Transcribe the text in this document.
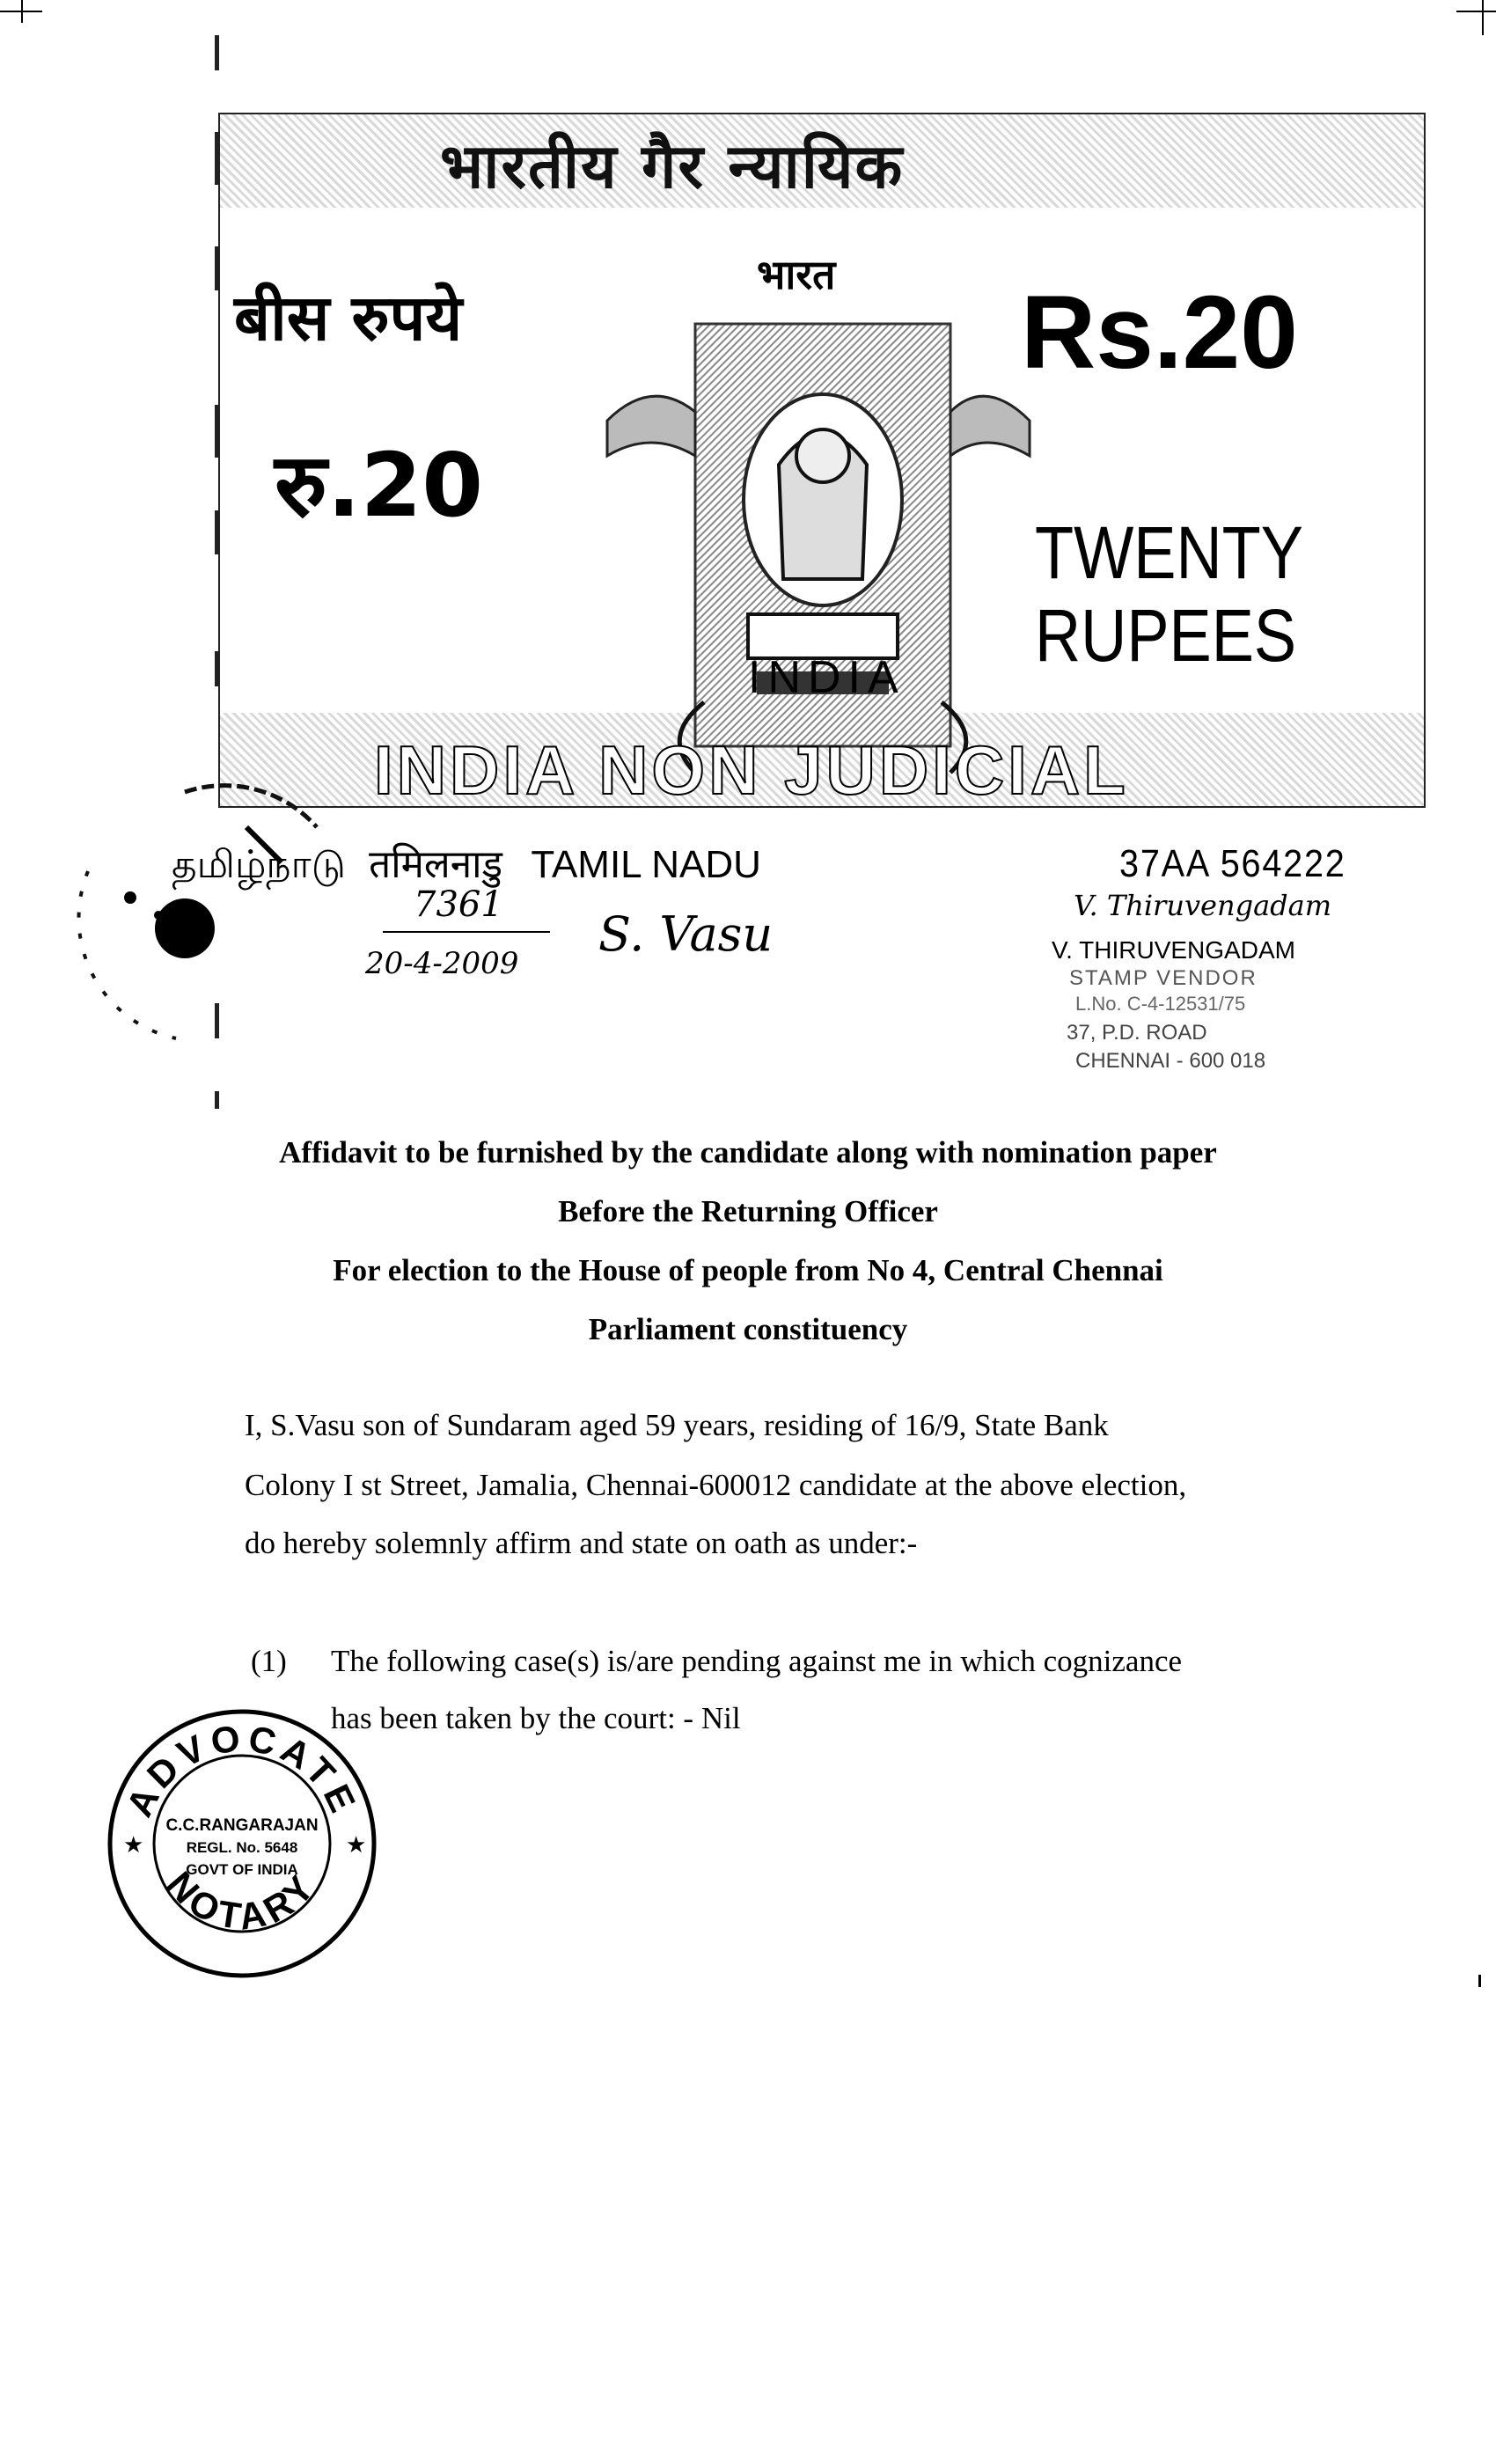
भारतीय गैर न्यायिक
बीस रुपये
रु.20
भारत
INDIA
Rs.20
TWENTY
RUPEES
INDIA NON JUDICIAL
தமிழ்நாடு तमिलनाडु TAMIL NADU	37AA 564222
7361
20-4-2009
S. Vasu
V. Thiruvengadam
V. THIRUVENGADAM
STAMP VENDOR
L.No. C-4-12531/75
37, P.D. ROAD
CHENNAI - 600 018
Affidavit to be furnished by the candidate along with nomination paper
Before the Returning Officer
For election to the House of people from No 4, Central Chennai
Parliament constituency
I, S.Vasu son of Sundaram aged 59 years, residing of 16/9, State Bank
Colony I st Street, Jamalia, Chennai-600012 candidate at the above election,
do hereby solemnly affirm and state on oath as under:-
(1) The following case(s) is/are pending against me in which cognizance
has been taken by the court: - Nil
ADVOCATE
NOTARY
C.C.RANGARAJAN
REGL. No. 5648
GOVT OF INDIA
★	★
